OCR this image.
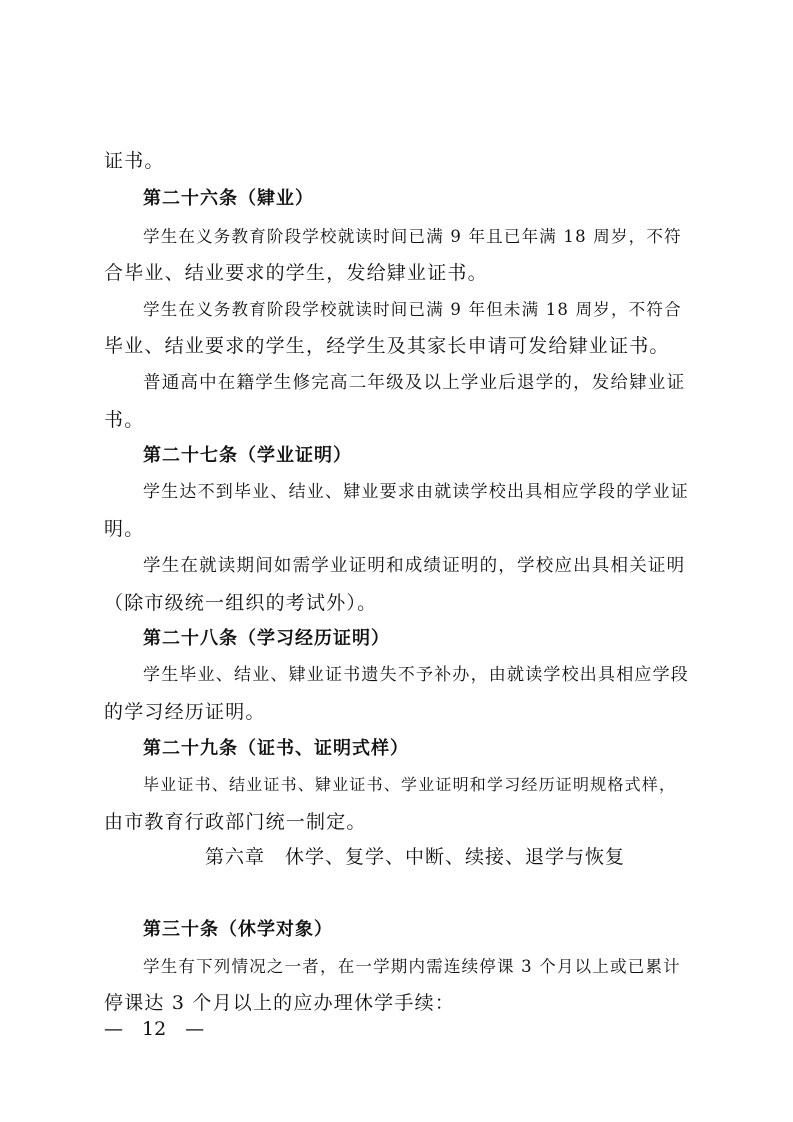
证书。
第二十六条（肄业）
学生在义务教育阶段学校就读时间已满 9 年且已年满 18 周岁，不符
合毕业、结业要求的学生，发给肄业证书。
学生在义务教育阶段学校就读时间已满 9 年但未满 18 周岁，不符合
毕业、结业要求的学生，经学生及其家长申请可发给肄业证书。
普通高中在籍学生修完高二年级及以上学业后退学的，发给肄业证
书。
第二十七条（学业证明）
学生达不到毕业、结业、肄业要求由就读学校出具相应学段的学业证
明。
学生在就读期间如需学业证明和成绩证明的，学校应出具相关证明
（除市级统一组织的考试外）。
第二十八条（学习经历证明）
学生毕业、结业、肄业证书遗失不予补办，由就读学校出具相应学段
的学习经历证明。
第二十九条（证书、证明式样）
毕业证书、结业证书、肄业证书、学业证明和学习经历证明规格式样，
由市教育行政部门统一制定。
第六章　休学、复学、中断、续接、退学与恢复
第三十条（休学对象）
学生有下列情况之一者，在一学期内需连续停课 3 个月以上或已累计
停课达 3 个月以上的应办理休学手续：
—　12　—
